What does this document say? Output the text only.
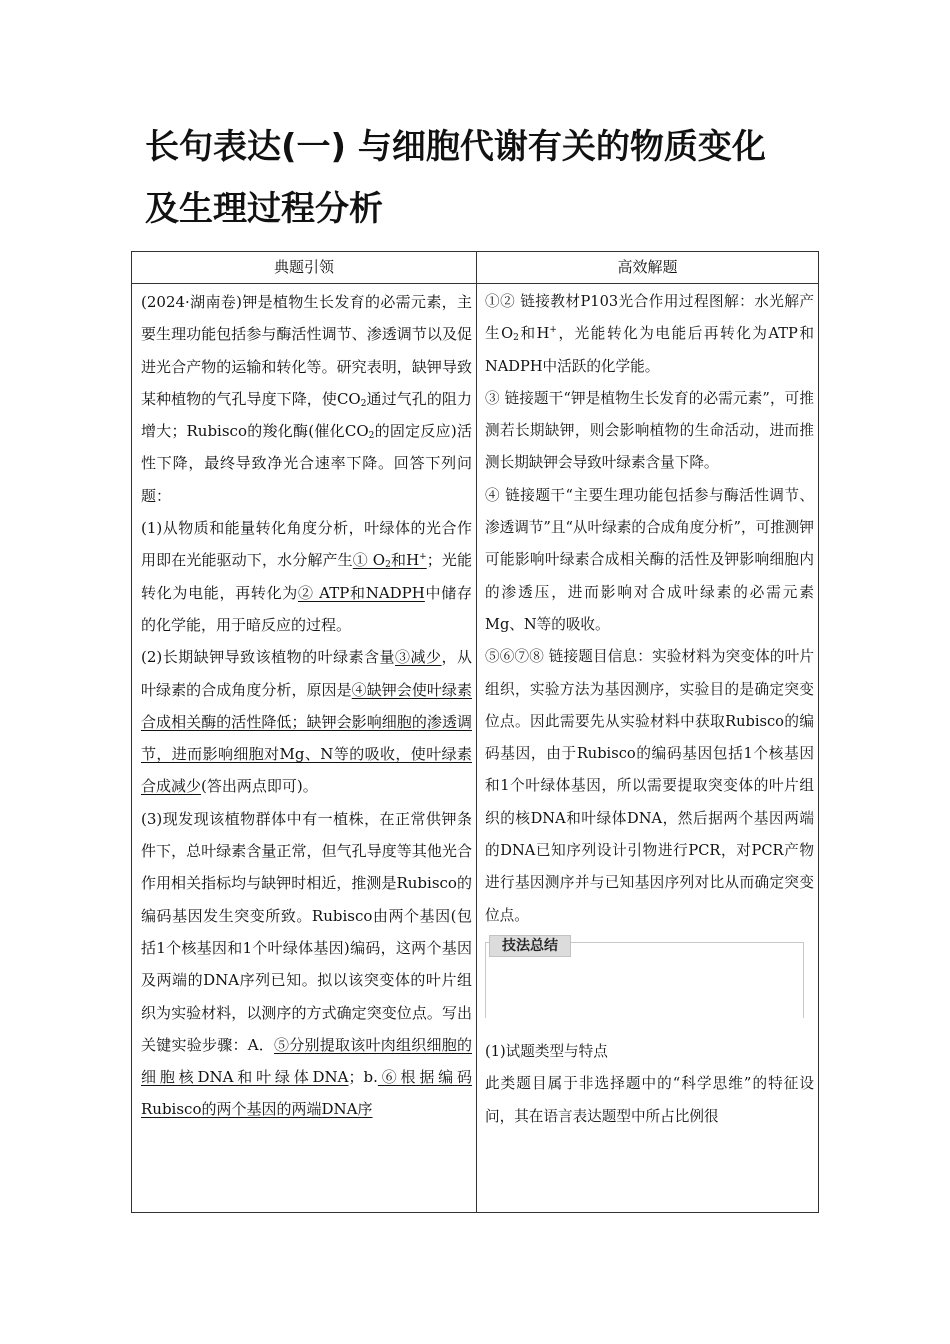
长句表达(一) 与细胞代谢有关的物质变化
及生理过程分析
典题引领	高效解题

(2024·湖南卷)钾是植物生长发育的必需元素，主要生理功能包括参与酶活性调节、渗透调节以及促进光合产物的运输和转化等。研究表明，缺钾导致某种植物的气孔导度下降，使$CO_2$通过气孔的阻力增大；Rubisco的羧化酶(催化$CO_2$的固定反应)活性下降，最终导致净光合速率下降。回答下列问题：

(1)从物质和能量转化角度分析，叶绿体的光合作用即在光能驱动下，水分解产生① $O_2$和H+；光能转化为电能，再转化为② ATP和NADPH中储存的化学能，用于暗反应的过程。

(2)长期缺钾导致该植物的叶绿素含量③减少，从叶绿素的合成角度分析，原因是④缺钾会使叶绿素合成相关酶的活性降低；缺钾会影响细胞的渗透调节，进而影响细胞对Mg、N等的吸收，使叶绿素合成减少(答出两点即可)。

(3)现发现该植物群体中有一植株，在正常供钾条件下，总叶绿素含量正常，但气孔导度等其他光合作用相关指标均与缺钾时相近，推测是Rubisco的编码基因发生突变所致。Rubisco由两个基因(包括1个核基因和1个叶绿体基因)编码，这两个基因及两端的DNA序列已知。拟以该突变体的叶片组织为实验材料，以测序的方式确定突变位点。写出关键实验步骤：A．⑤分别提取该叶肉组织细胞的细胞核DNA和叶绿体DNA；b.⑥根据编码Rubisco的两个基因的两端DNA序

①② 链接教材P103光合作用过程图解：水光解产生$O_2$和H+，光能转化为电能后再转化为ATP和NADPH中活跃的化学能。

③ 链接题干“钾是植物生长发育的必需元素”，可推测若长期缺钾，则会影响植物的生命活动，进而推测长期缺钾会导致叶绿素含量下降。

④ 链接题干“主要生理功能包括参与酶活性调节、渗透调节”且“从叶绿素的合成角度分析”，可推测钾可能影响叶绿素合成相关酶的活性及钾影响细胞内的渗透压，进而影响对合成叶绿素的必需元素Mg、N等的吸收。

⑤⑥⑦⑧ 链接题目信息：实验材料为突变体的叶片组织，实验方法为基因测序，实验目的是确定突变位点。因此需要先从实验材料中获取Rubisco的编码基因，由于Rubisco的编码基因包括1个核基因和1个叶绿体基因，所以需要提取突变体的叶片组织的核DNA和叶绿体DNA，然后据两个基因两端的DNA已知序列设计引物进行PCR，对PCR产物进行基因测序并与已知基因序列对比从而确定突变位点。

技法总结

(1)试题类型与特点

此类题目属于非选择题中的“科学思维”的特征设问，其在语言表达题型中所占比例很
